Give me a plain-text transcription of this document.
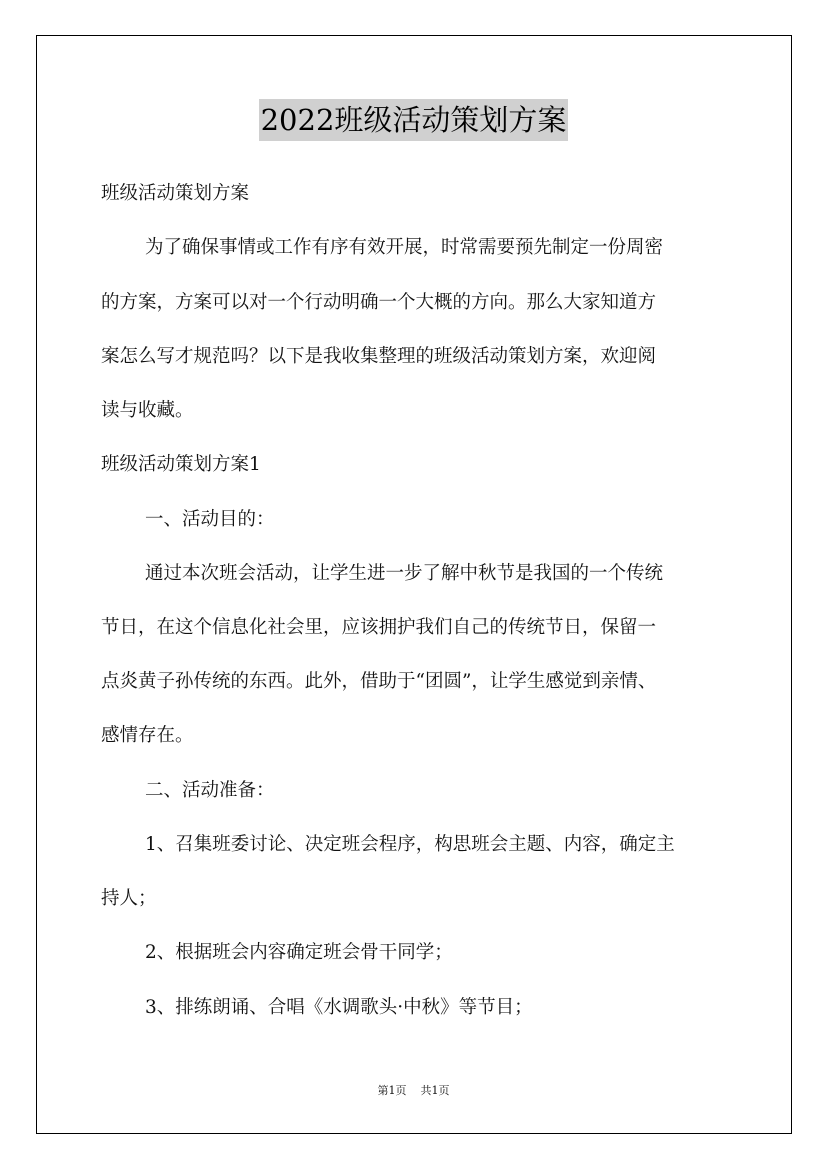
2022班级活动策划方案
班级活动策划方案
为了确保事情或工作有序有效开展，时常需要预先制定一份周密
的方案，方案可以对一个行动明确一个大概的方向。那么大家知道方
案怎么写才规范吗？以下是我收集整理的班级活动策划方案，欢迎阅
读与收藏。
班级活动策划方案1
一、活动目的：
通过本次班会活动，让学生进一步了解中秋节是我国的一个传统
节日，在这个信息化社会里，应该拥护我们自己的传统节日，保留一
点炎黄子孙传统的东西。此外，借助于“团圆”，让学生感觉到亲情、
感情存在。
二、活动准备：
1、召集班委讨论、决定班会程序，构思班会主题、内容，确定主
持人；
2、根据班会内容确定班会骨干同学；
3、排练朗诵、合唱《水调歌头·中秋》等节目；
第1页 共1页
